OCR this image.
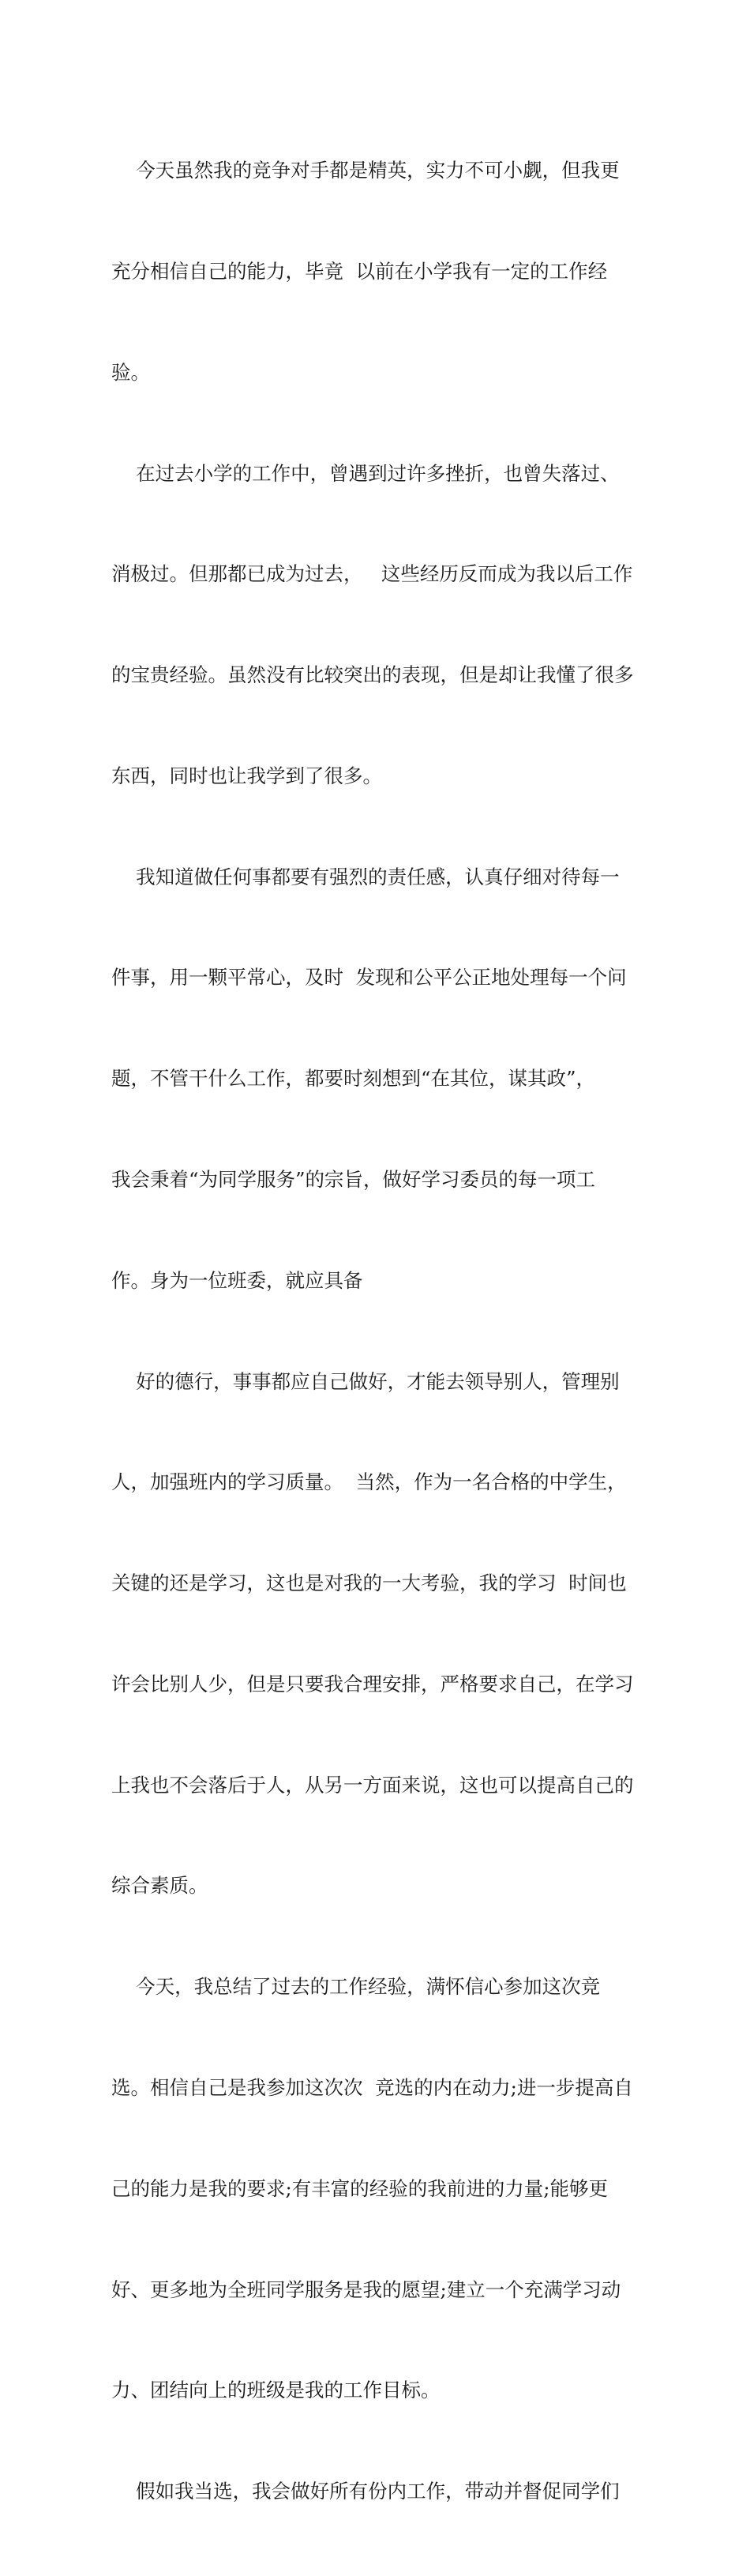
今天虽然我的竞争对手都是精英，实力不可小觑，但我更

充分相信自己的能力，毕竟  以前在小学我有一定的工作经

验。

在过去小学的工作中，曾遇到过许多挫折，也曾失落过、

消极过。但那都已成为过去，   这些经历反而成为我以后工作

的宝贵经验。虽然没有比较突出的表现，但是却让我懂了很多

东西，同时也让我学到了很多。

我知道做任何事都要有强烈的责任感，认真仔细对待每一

件事，用一颗平常心，及时  发现和公平公正地处理每一个问

题，不管干什么工作，都要时刻想到“在其位，谋其政”，

我会秉着“为同学服务”的宗旨，做好学习委员的每一项工

作。身为一位班委，就应具备

好的德行，事事都应自己做好，才能去领导别人，管理别

人，加强班内的学习质量。  当然，作为一名合格的中学生，

关键的还是学习，这也是对我的一大考验，我的学习  时间也

许会比别人少，但是只要我合理安排，严格要求自己，在学习

上我也不会落后于人，从另一方面来说，这也可以提高自己的

综合素质。

今天，我总结了过去的工作经验，满怀信心参加这次竞

选。相信自己是我参加这次次  竞选的内在动力;进一步提高自

己的能力是我的要求;有丰富的经验的我前进的力量;能够更

好、更多地为全班同学服务是我的愿望;建立一个充满学习动

力、团结向上的班级是我的工作目标。

假如我当选，我会做好所有份内工作，带动并督促同学们
